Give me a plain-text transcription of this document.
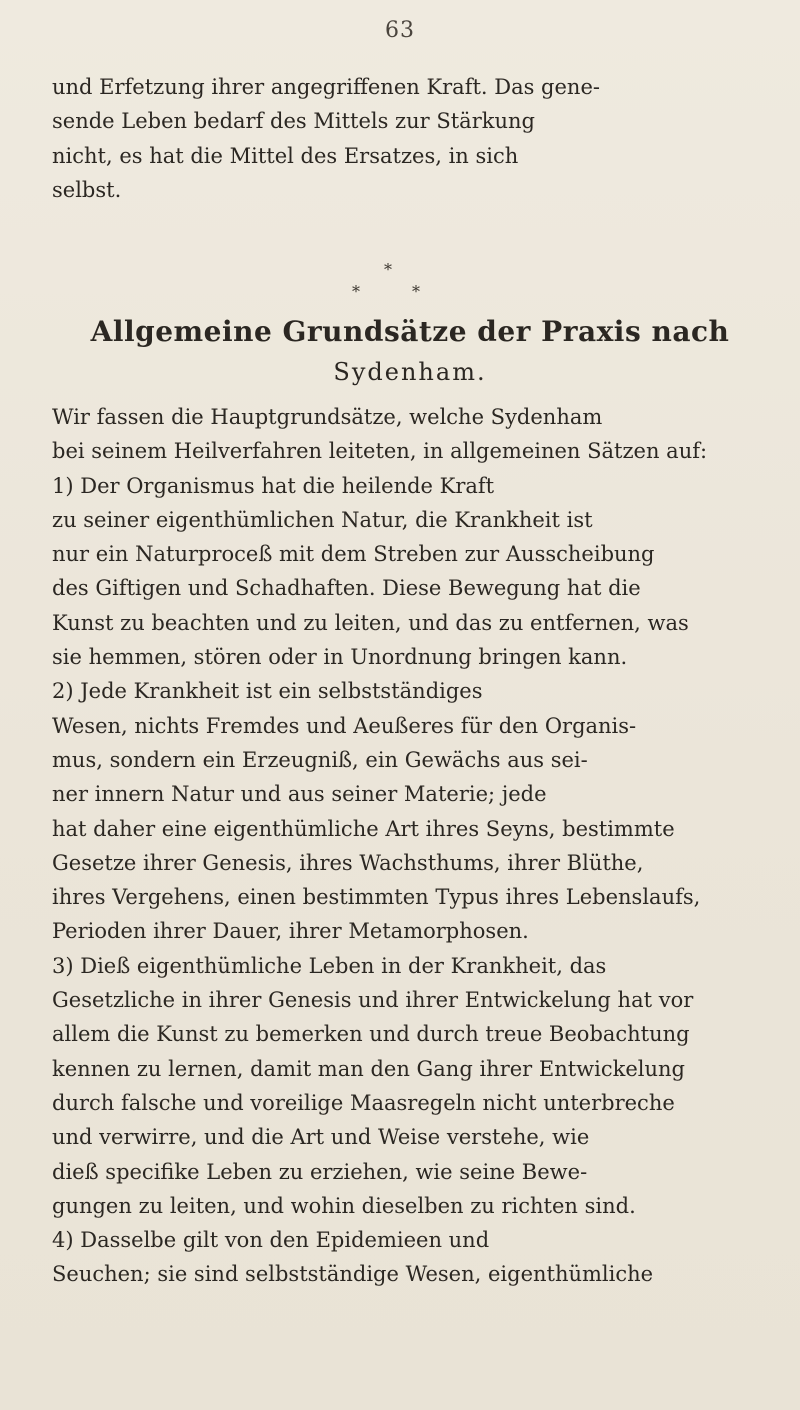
63
und Erfetzung ihrer angegriffenen Kraft. Das gene‑
sende Leben bedarf des Mittels zur Stärkung
nicht, es hat die Mittel des Ersatzes, in sich
selbst.
*
*	*
Allgemeine Grundsätze der Praxis nach
Sydenham.
Wir fassen die Hauptgrundsätze, welche Sydenham
bei seinem Heilverfahren leiteten, in allgemeinen Sätzen auf:
1) Der Organismus hat die heilende Kraft
zu seiner eigenthümlichen Natur, die Krankheit ist
nur ein Naturproceß mit dem Streben zur Ausscheibung
des Giftigen und Schadhaften. Diese Bewegung hat die
Kunst zu beachten und zu leiten, und das zu entfernen, was
sie hemmen, stören oder in Unordnung bringen kann.
2) Jede Krankheit ist ein selbstständiges
Wesen, nichts Fremdes und Aeußeres für den Organis‑
mus, sondern ein Erzeugniß, ein Gewächs aus sei‑
ner innern Natur und aus seiner Materie; jede
hat daher eine eigenthümliche Art ihres Seyns, bestimmte
Gesetze ihrer Genesis, ihres Wachsthums, ihrer Blüthe,
ihres Vergehens, einen bestimmten Typus ihres Lebenslaufs,
Perioden ihrer Dauer, ihrer Metamorphosen.
3) Dieß eigenthümliche Leben in der Krankheit, das
Gesetzliche in ihrer Genesis und ihrer Entwickelung hat vor
allem die Kunst zu bemerken und durch treue Beobachtung
kennen zu lernen, damit man den Gang ihrer Entwickelung
durch falsche und voreilige Maasregeln nicht unterbreche
und verwirre, und die Art und Weise verstehe, wie
dieß specifike Leben zu erziehen, wie seine Bewe‑
gungen zu leiten, und wohin dieselben zu richten sind.
4) Dasselbe gilt von den Epidemieen und
Seuchen; sie sind selbstständige Wesen, eigenthümliche
